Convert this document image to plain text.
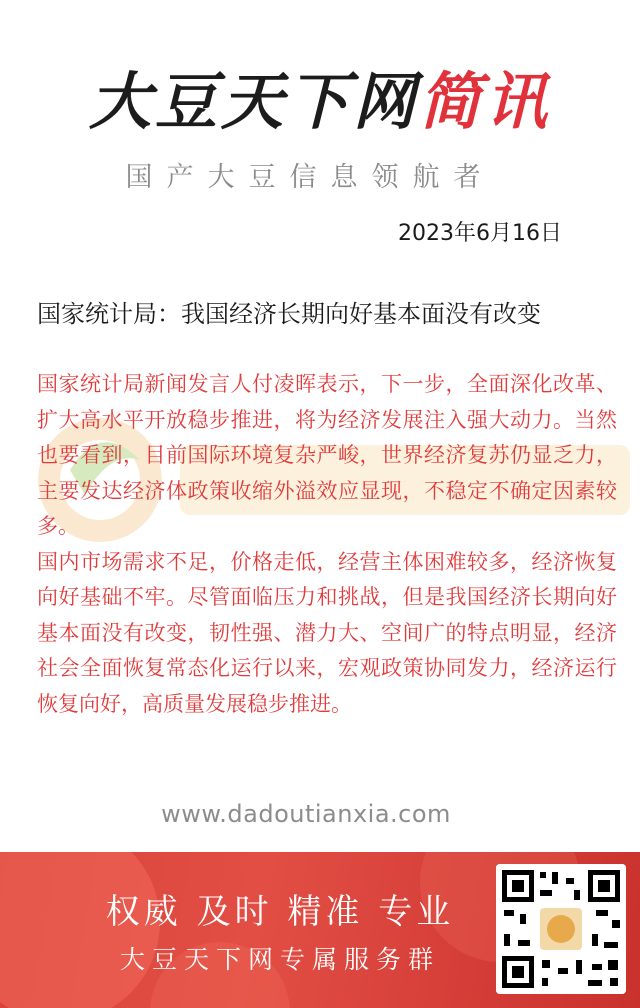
大豆天下网简讯
国产大豆信息领航者
2023年6月16日
国家统计局：我国经济长期向好基本面没有改变

国家统计局新闻发言人付凌晖表示，下一步，全面深化改革、扩大高水平开放稳步推进，将为经济发展注入强大动力。当然也要看到，目前国际环境复杂严峻，世界经济复苏仍显乏力，主要发达经济体政策收缩外溢效应显现，不稳定不确定因素较多。

国内市场需求不足，价格走低，经营主体困难较多，经济恢复向好基础不牢。尽管面临压力和挑战，但是我国经济长期向好基本面没有改变，韧性强、潜力大、空间广的特点明显，经济社会全面恢复常态化运行以来，宏观政策协同发力，经济运行恢复向好，高质量发展稳步推进。

www.dadoutianxia.com
权威 及时 精准 专业
大豆天下网专属服务群
